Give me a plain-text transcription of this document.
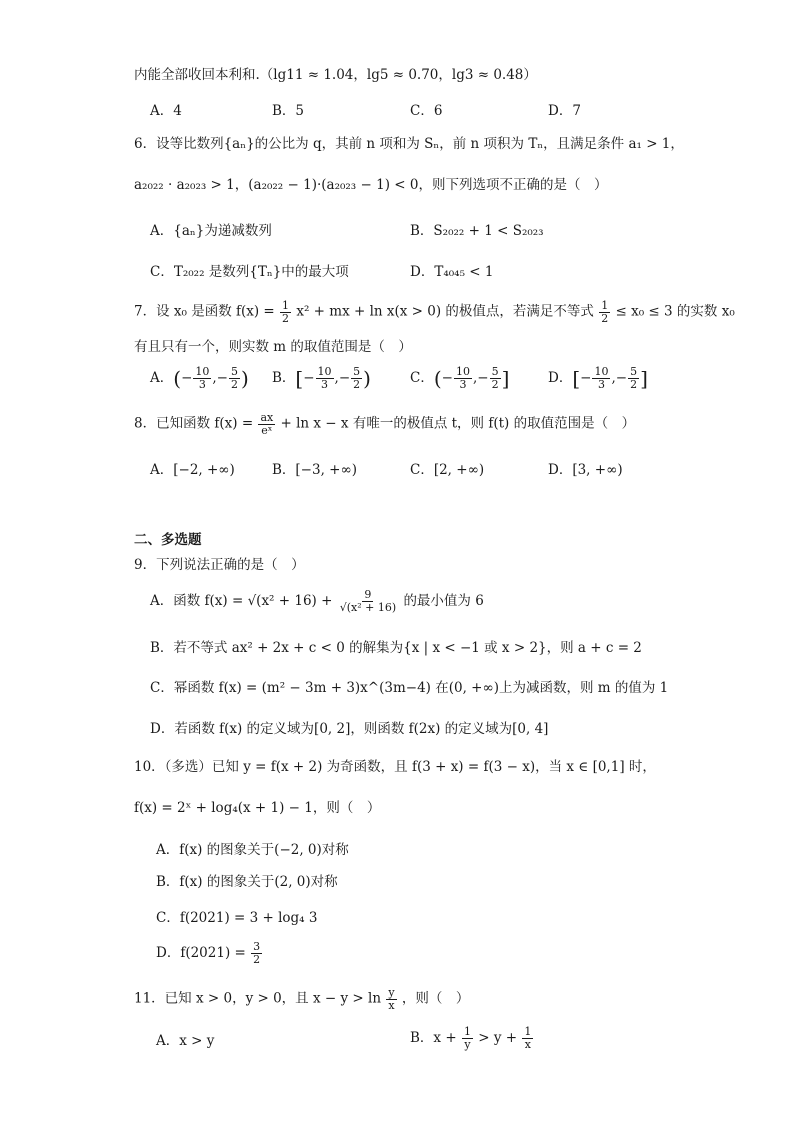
内能全部收回本利和.（lg11 ≈ 1.04，lg5 ≈ 0.70，lg3 ≈ 0.48）
A．4	B．5	C．6	D．7
6．设等比数列{aₙ}的公比为 q，其前 n 项和为 Sₙ，前 n 项积为 Tₙ，且满足条件 a₁ > 1，
a₂₀₂₂ · a₂₀₂₃ > 1，(a₂₀₂₂ − 1)·(a₂₀₂₃ − 1) < 0，则下列选项不正确的是（　）
A．{aₙ}为递减数列	B．S₂₀₂₂ + 1 < S₂₀₂₃
C．T₂₀₂₂ 是数列{Tₙ}中的最大项	D．T₄₀₄₅ < 1
7．设 x₀ 是函数 $f(x) = \frac{1}{2} x^2$ + mx + ln x(x > 0) 的极值点，若满足不等式 $\frac{1}{2} \le x_0 \le 3$ 的实数 x₀
有且只有一个，则实数 m 的取值范围是（　）
A．(− $\frac{10}{3}$ ,− $\frac{5}{2}$ ) B．[− $\frac{10}{3}$ ,− $\frac{5}{2}$ )	C．(− $\frac{10}{3}$ ,− $\frac{5}{2}$ ]	D．[− $\frac{10}{3}$ ,− $\frac{5}{2}$ ]
8．已知函数 $f(x) = \frac{ax}{\text{eˣ}} + \ln x - x$ 有唯一的极值点 t，则 f(t) 的取值范围是（　）
A．[−2, +∞)	B．[−3, +∞)	C．[2, +∞)	D．[3, +∞)
二、多选题
9．下列说法正确的是（　）
A．函数 $f(x) = √(x^2 + 16) + \frac{9}{\text{√(x² + 16)}}$ 的最小值为 6
B．若不等式 ax² + 2x + c < 0 的解集为{x | x < −1 或 x > 2}，则 a + c = 2
C．幂函数 f(x) = (m² − 3m + 3)x^(3m−4) 在(0, +∞)上为减函数，则 m 的值为 1
D．若函数 f(x) 的定义域为[0, 2]，则函数 f(2x) 的定义域为[0, 4]
10．（多选）已知 y = f(x + 2) 为奇函数，且 f(3 + x) = f(3 − x)，当 x ∈ [0,1] 时，
f(x) = 2ˣ + log₄(x + 1) − 1，则（　）
A．f(x) 的图象关于(−2, 0)对称
B．f(x) 的图象关于(2, 0)对称
C．f(2021) = 3 + log₄ 3
D．$f(2021) = \frac{3}{2}$
11．已知 x > 0，y > 0，且 $x - y > \ln \frac{y}{x}$ ，则（　）
A．x > y	B．$x + \frac{1}{y} > y + \frac{1}{x}$
